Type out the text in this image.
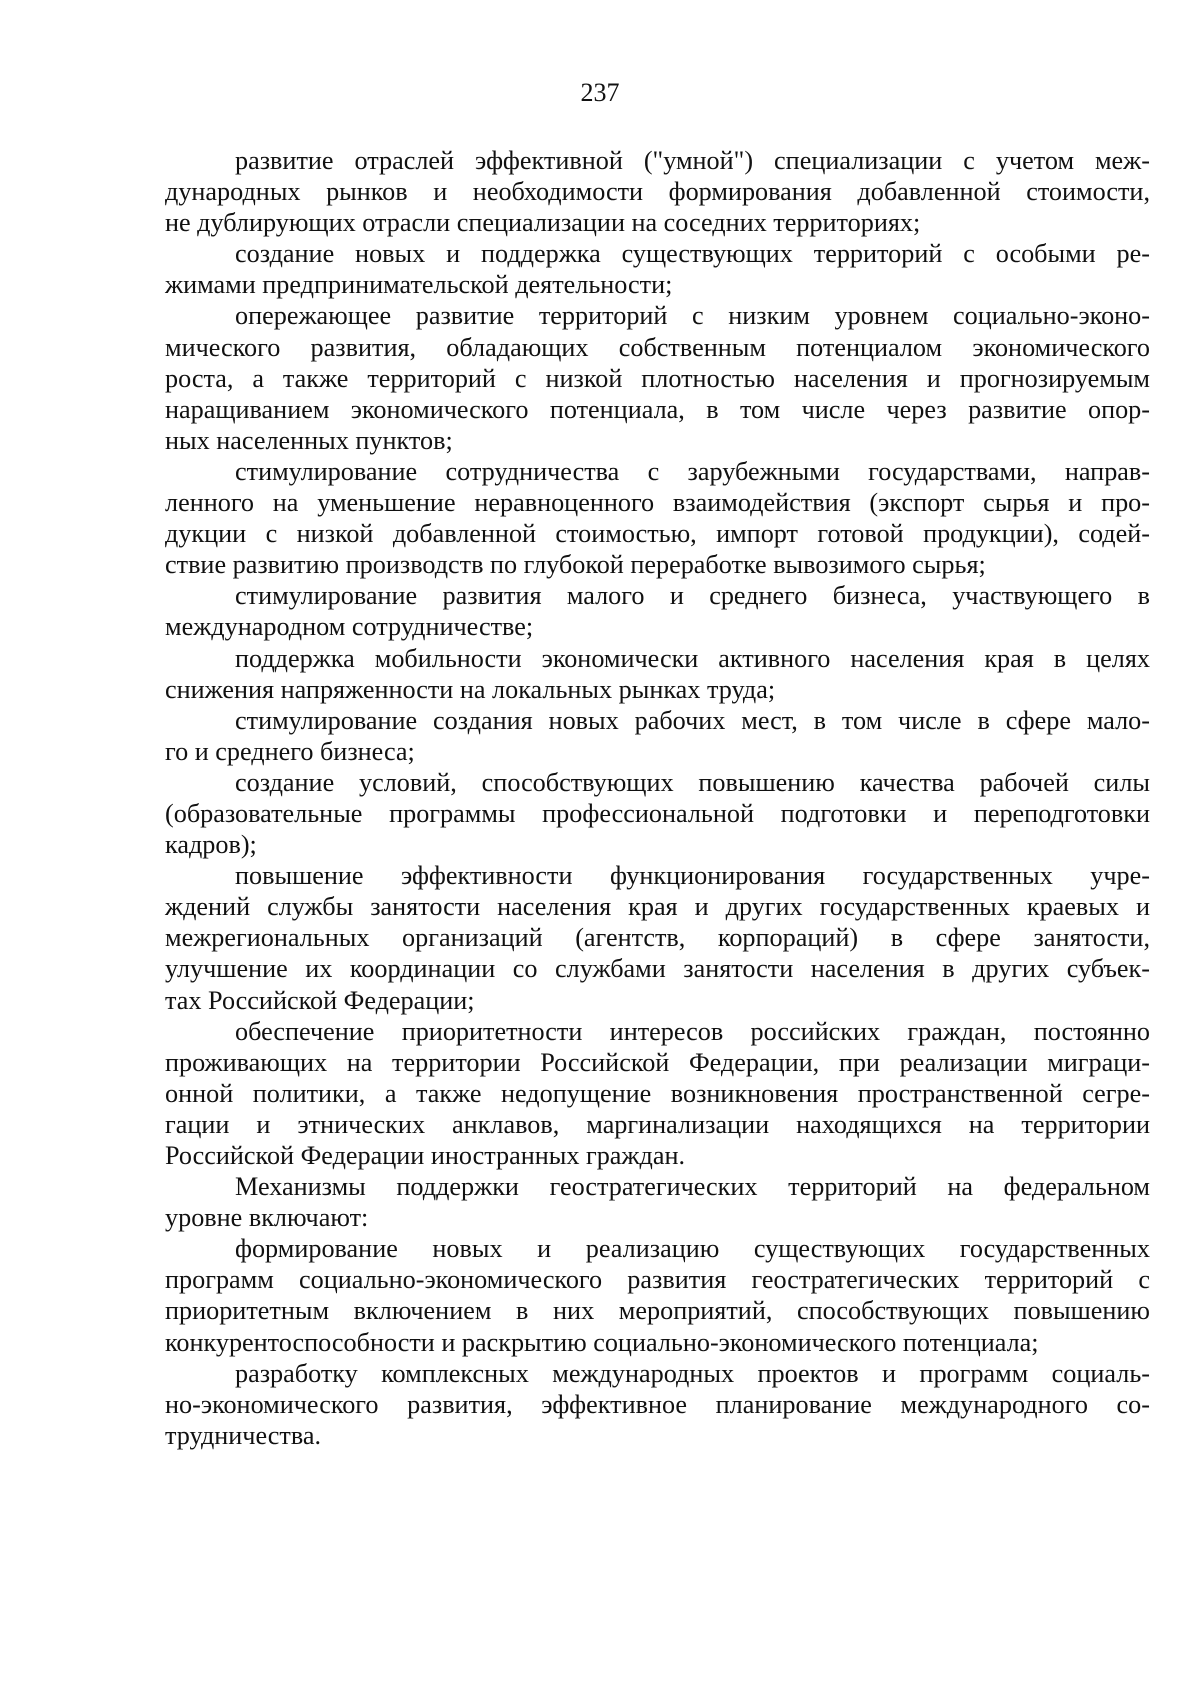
237
развитие отраслей эффективной ("умной") специализации с учетом меж-
дународных рынков и необходимости формирования добавленной стоимости,
не дублирующих отрасли специализации на соседних территориях;
создание новых и поддержка существующих территорий с особыми ре-
жимами предпринимательской деятельности;
опережающее развитие территорий с низким уровнем социально-эконо-
мического развития, обладающих собственным потенциалом экономического
роста, а также территорий с низкой плотностью населения и прогнозируемым
наращиванием экономического потенциала, в том числе через развитие опор-
ных населенных пунктов;
стимулирование сотрудничества с зарубежными государствами, направ-
ленного на уменьшение неравноценного взаимодействия (экспорт сырья и про-
дукции с низкой добавленной стоимостью, импорт готовой продукции), содей-
ствие развитию производств по глубокой переработке вывозимого сырья;
стимулирование развития малого и среднего бизнеса, участвующего в
международном сотрудничестве;
поддержка мобильности экономически активного населения края в целях
снижения напряженности на локальных рынках труда;
стимулирование создания новых рабочих мест, в том числе в сфере мало-
го и среднего бизнеса;
создание условий, способствующих повышению качества рабочей силы
(образовательные программы профессиональной подготовки и переподготовки
кадров);
повышение эффективности функционирования государственных учре-
ждений службы занятости населения края и других государственных краевых и
межрегиональных организаций (агентств, корпораций) в сфере занятости,
улучшение их координации со службами занятости населения в других субъек-
тах Российской Федерации;
обеспечение приоритетности интересов российских граждан, постоянно
проживающих на территории Российской Федерации, при реализации миграци-
онной политики, а также недопущение возникновения пространственной сегре-
гации и этнических анклавов, маргинализации находящихся на территории
Российской Федерации иностранных граждан.
Механизмы поддержки геостратегических территорий на федеральном
уровне включают:
формирование новых и реализацию существующих государственных
программ социально-экономического развития геостратегических территорий с
приоритетным включением в них мероприятий, способствующих повышению
конкурентоспособности и раскрытию социально-экономического потенциала;
разработку комплексных международных проектов и программ социаль-
но-экономического развития, эффективное планирование международного со-
трудничества.
